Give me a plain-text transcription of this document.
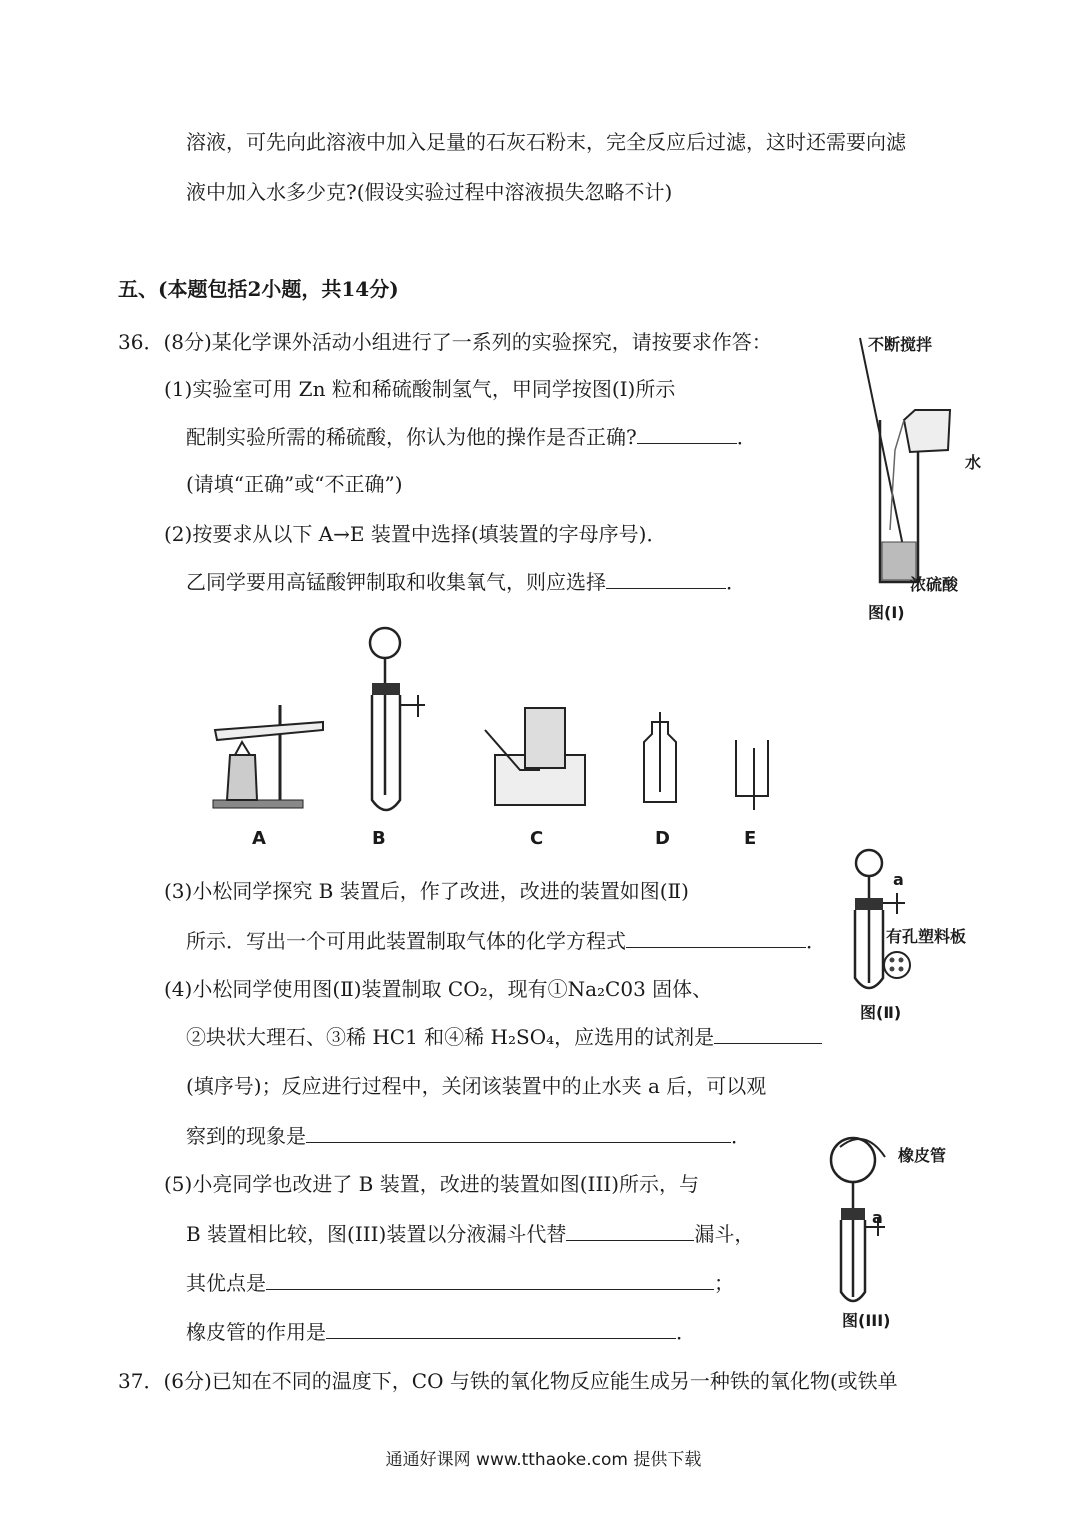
溶液，可先向此溶液中加入足量的石灰石粉末，完全反应后过滤，这时还需要向滤
液中加入水多少克?(假设实验过程中溶液损失忽略不计)
五、(本题包括2小题，共14分)
36．(8分)某化学课外活动小组进行了一系列的实验探究，请按要求作答：
(1)实验室可用 Zn 粒和稀硫酸制氢气，甲同学按图(Ⅰ)所示
配制实验所需的稀硫酸，你认为他的操作是否正确?	．
(请填“正确”或“不正确”)
(2)按要求从以下 A→E 装置中选择(填装置的字母序号)．
乙同学要用高锰酸钾制取和收集氧气，则应选择	．
(3)小松同学探究 B 装置后，作了改进，改进的装置如图(Ⅱ)
所示．写出一个可用此装置制取气体的化学方程式	．
(4)小松同学使用图(Ⅱ)装置制取 CO₂，现有①Na₂C03 固体、
②块状大理石、③稀 HC1 和④稀 H₂SO₄，应选用的试剂是
(填序号)；反应进行过程中，关闭该装置中的止水夹 a 后，可以观
察到的现象是	．
(5)小亮同学也改进了 B 装置，改进的装置如图(III)所示，与
B 装置相比较，图(III)装置以分液漏斗代替	漏斗，
其优点是	；
橡皮管的作用是	．
37．(6分)已知在不同的温度下，CO 与铁的氧化物反应能生成另一种铁的氧化物(或铁单
不断搅拌
水
浓硫酸
图(Ⅰ)
A	B	C	D	E
a
有孔塑料板
图(Ⅱ)
橡皮管
a
图(III)
通通好课网 www.tthaoke.com 提供下载
